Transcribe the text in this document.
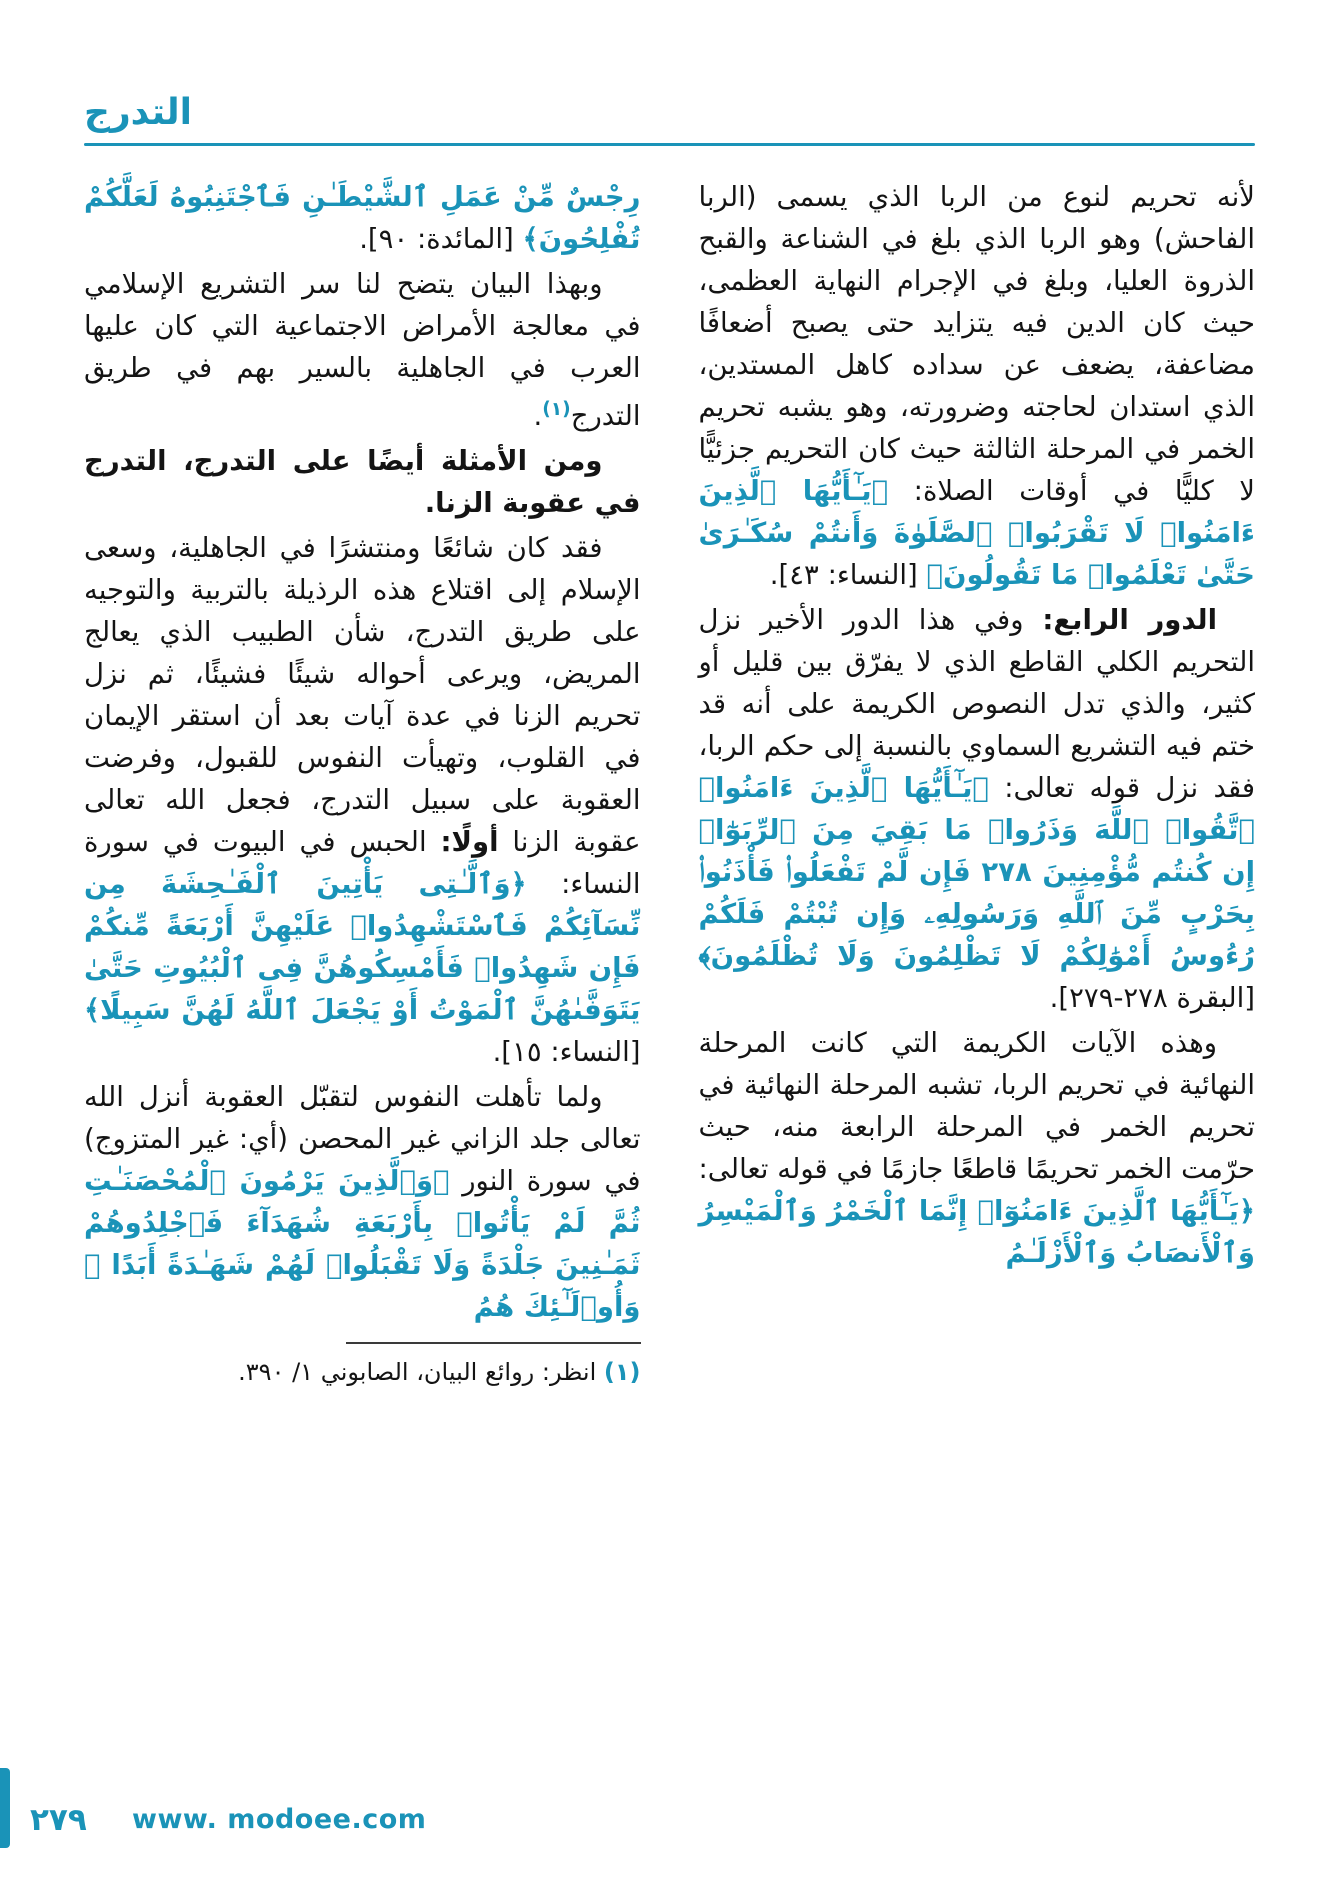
التدرج

لأنه تحريم لنوع من الربا الذي يسمى (الربا الفاحش) وهو الربا الذي بلغ في الشناعة والقبح الذروة العليا، وبلغ في الإجرام النهاية العظمى، حيث كان الدين فيه يتزايد حتى يصبح أضعافًا مضاعفة، يضعف عن سداده كاهل المستدين، الذي استدان لحاجته وضرورته، وهو يشبه تحريم الخمر في المرحلة الثالثة حيث كان التحريم جزئيًّا لا كليًّا في أوقات الصلاة: ﴿يَـٰٓأَيُّهَا ٱلَّذِينَ ءَامَنُوا۟ لَا تَقْرَبُوا۟ ٱلصَّلَوٰةَ وَأَنتُمْ سُكَـٰرَىٰ حَتَّىٰ تَعْلَمُوا۟ مَا تَقُولُونَ﴾ [النساء: ٤٣].

الدور الرابع: وفي هذا الدور الأخير نزل التحريم الكلي القاطع الذي لا يفرّق بين قليل أو كثير، والذي تدل النصوص الكريمة على أنه قد ختم فيه التشريع السماوي بالنسبة إلى حكم الربا، فقد نزل قوله تعالى: ﴿يَـٰٓأَيُّهَا ٱلَّذِينَ ءَامَنُوا۟ ٱتَّقُوا۟ ٱللَّهَ وَذَرُوا۟ مَا بَقِيَ مِنَ ٱلرِّبَوٰٓا۟ إِن كُنتُم مُّؤْمِنِينَ ٢٧٨ فَإِن لَّمْ تَفْعَلُوا۟ فَأْذَنُوا۟ بِحَرْبٍ مِّنَ ٱللَّهِ وَرَسُولِهِۦ وَإِن تُبْتُمْ فَلَكُمْ رُءُوسُ أَمْوَٰلِكُمْ لَا تَظْلِمُونَ وَلَا تُظْلَمُونَ﴾ [البقرة ٢٧٨-٢٧٩].

وهذه الآيات الكريمة التي كانت المرحلة النهائية في تحريم الربا، تشبه المرحلة النهائية في تحريم الخمر في المرحلة الرابعة منه، حيث حرّمت الخمر تحريمًا قاطعًا جازمًا في قوله تعالى: ﴿يَـٰٓأَيُّهَا ٱلَّذِينَ ءَامَنُوٓا۟ إِنَّمَا ٱلْخَمْرُ وَٱلْمَيْسِرُ وَٱلْأَنصَابُ وَٱلْأَزْلَـٰمُ

رِجْسٌ مِّنْ عَمَلِ ٱلشَّيْطَـٰنِ فَٱجْتَنِبُوهُ لَعَلَّكُمْ تُفْلِحُونَ﴾ [المائدة: ٩٠].

وبهذا البيان يتضح لنا سر التشريع الإسلامي في معالجة الأمراض الاجتماعية التي كان عليها العرب في الجاهلية بالسير بهم في طريق التدرج$^{(١)}$.

ومن الأمثلة أيضًا على التدرج، التدرج في عقوبة الزنا.

فقد كان شائعًا ومنتشرًا في الجاهلية، وسعى الإسلام إلى اقتلاع هذه الرذيلة بالتربية والتوجيه على طريق التدرج، شأن الطبيب الذي يعالج المريض، ويرعى أحواله شيئًا فشيئًا، ثم نزل تحريم الزنا في عدة آيات بعد أن استقر الإيمان في القلوب، وتهيأت النفوس للقبول، وفرضت العقوبة على سبيل التدرج، فجعل الله تعالى عقوبة الزنا أولًا: الحبس في البيوت في سورة النساء: ﴿وَٱلَّـٰتِى يَأْتِينَ ٱلْفَـٰحِشَةَ مِن نِّسَآئِكُمْ فَٱسْتَشْهِدُوا۟ عَلَيْهِنَّ أَرْبَعَةً مِّنكُمْ فَإِن شَهِدُوا۟ فَأَمْسِكُوهُنَّ فِى ٱلْبُيُوتِ حَتَّىٰ يَتَوَفَّىٰهُنَّ ٱلْمَوْتُ أَوْ يَجْعَلَ ٱللَّهُ لَهُنَّ سَبِيلًا﴾ [النساء: ١٥].

ولما تأهلت النفوس لتقبّل العقوبة أنزل الله تعالى جلد الزاني غير المحصن (أي: غير المتزوج) في سورة النور ﴿وَٱلَّذِينَ يَرْمُونَ ٱلْمُحْصَنَـٰتِ ثُمَّ لَمْ يَأْتُوا۟ بِأَرْبَعَةِ شُهَدَآءَ فَٱجْلِدُوهُمْ ثَمَـٰنِينَ جَلْدَةً وَلَا تَقْبَلُوا۟ لَهُمْ شَهَـٰدَةً أَبَدًا ۚ وَأُو۟لَـٰٓئِكَ هُمُ

(١) انظر: روائع البيان، الصابوني ١/ ٣٩٠.

٢٧٩ www. modoee.com
